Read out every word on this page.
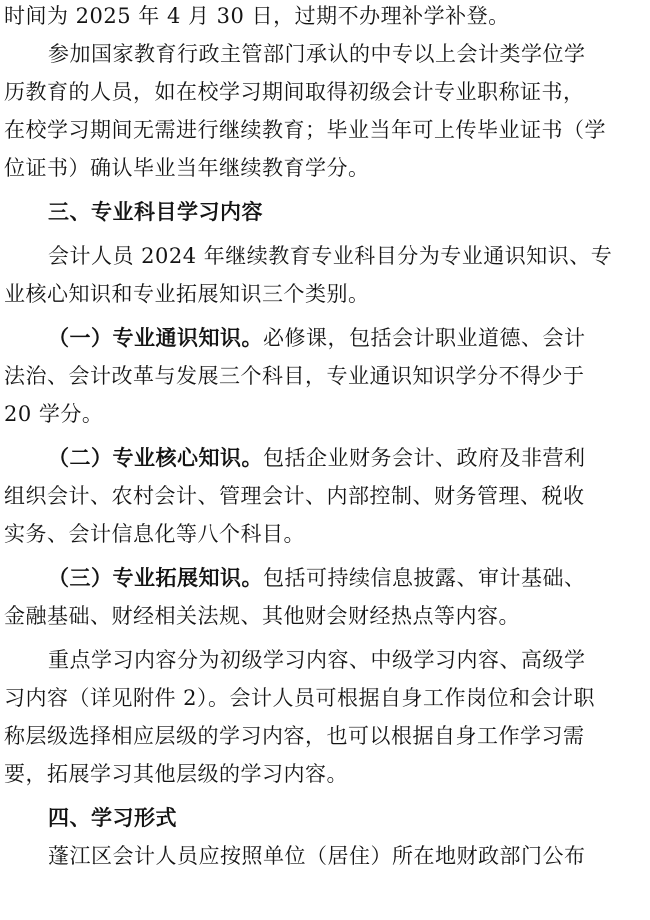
时间为 2025 年 4 月 30 日，过期不办理补学补登。
参加国家教育行政主管部门承认的中专以上会计类学位学
历教育的人员，如在校学习期间取得初级会计专业职称证书，
在校学习期间无需进行继续教育；毕业当年可上传毕业证书（学
位证书）确认毕业当年继续教育学分。
三、专业科目学习内容
会计人员 2024 年继续教育专业科目分为专业通识知识、专
业核心知识和专业拓展知识三个类别。
（一）专业通识知识。必修课，包括会计职业道德、会计
法治、会计改革与发展三个科目，专业通识知识学分不得少于
20 学分。
（二）专业核心知识。包括企业财务会计、政府及非营利
组织会计、农村会计、管理会计、内部控制、财务管理、税收
实务、会计信息化等八个科目。
（三）专业拓展知识。包括可持续信息披露、审计基础、
金融基础、财经相关法规、其他财会财经热点等内容。
重点学习内容分为初级学习内容、中级学习内容、高级学
习内容（详见附件 2）。会计人员可根据自身工作岗位和会计职
称层级选择相应层级的学习内容，也可以根据自身工作学习需
要，拓展学习其他层级的学习内容。
四、学习形式
蓬江区会计人员应按照单位（居住）所在地财政部门公布
